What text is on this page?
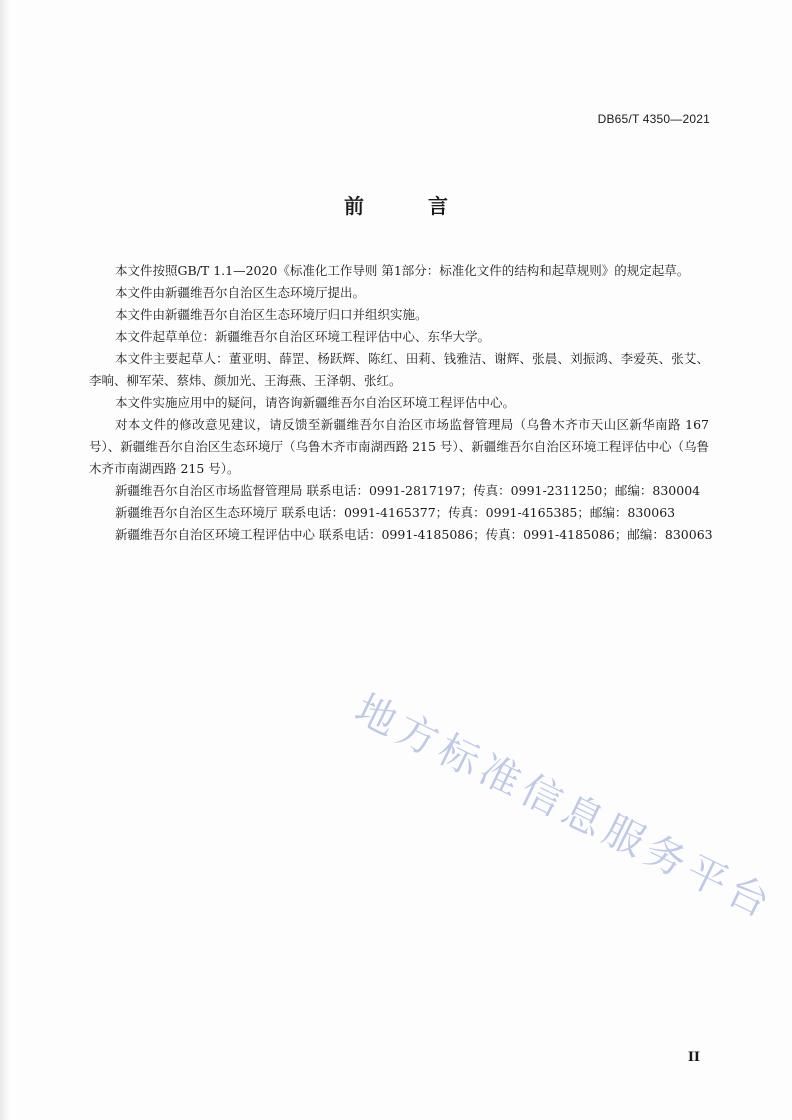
DB65/T 4350—2021
前　言

本文件按照GB/T 1.1—2020《标准化工作导则 第1部分：标准化文件的结构和起草规则》的规定起草。

本文件由新疆维吾尔自治区生态环境厅提出。

本文件由新疆维吾尔自治区生态环境厅归口并组织实施。

本文件起草单位：新疆维吾尔自治区环境工程评估中心、东华大学。

本文件主要起草人：董亚明、薛罡、杨跃辉、陈红、田莉、钱雅洁、谢辉、张晨、刘振鸿、李爱英、张艾、李响、柳军荣、蔡炜、颜加光、王海燕、王泽朝、张红。

本文件实施应用中的疑问，请咨询新疆维吾尔自治区环境工程评估中心。

对本文件的修改意见建议，请反馈至新疆维吾尔自治区市场监督管理局（乌鲁木齐市天山区新华南路 167 号）、新疆维吾尔自治区生态环境厅（乌鲁木齐市南湖西路 215 号）、新疆维吾尔自治区环境工程评估中心（乌鲁木齐市南湖西路 215 号）。

新疆维吾尔自治区市场监督管理局 联系电话：0991-2817197；传真：0991-2311250；邮编：830004

新疆维吾尔自治区生态环境厅 联系电话：0991-4165377；传真：0991-4165385；邮编：830063

新疆维吾尔自治区环境工程评估中心 联系电话：0991-4185086；传真：0991-4185086；邮编：830063

地方标准信息服务平台
II
